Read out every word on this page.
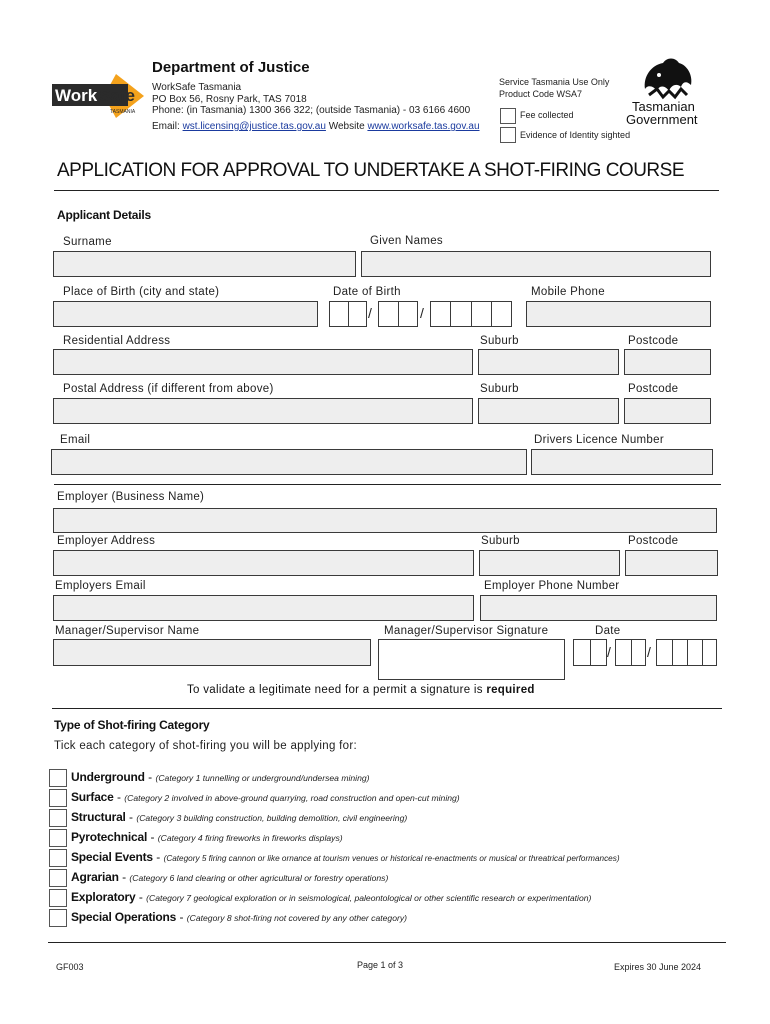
Work Safe
TASMANIA
Department of Justice
WorkSafe Tasmania
PO Box 56, Rosny Park, TAS 7018
Phone: (in Tasmania) 1300 366 322; (outside Tasmania) - 03 6166 4600
Email: wst.licensing@justice.tas.gov.au Website www.worksafe.tas.gov.au
Service Tasmania Use Only
Product Code WSA7
Fee collected
Evidence of Identity sighted
Tasmanian
Government
APPLICATION FOR APPROVAL TO UNDERTAKE A SHOT-FIRING COURSE
Applicant Details
Surname	Given Names
Place of Birth (city and state)	Date of Birth	Mobile Phone
/	/
Residential Address	Suburb	Postcode
Postal Address (if different from above)	Suburb	Postcode
Email	Drivers Licence Number
Employer (Business Name)
Employer Address	Suburb	Postcode
Employers Email	Employer Phone Number
Manager/Supervisor Name	Manager/Supervisor Signature	Date
/	/
To validate a legitimate need for a permit a signature is required
Type of Shot-firing Category
Tick each category of shot-firing you will be applying for:
Underground - (Category 1 tunnelling or underground/undersea mining)
Surface - (Category 2 involved in above-ground quarrying, road construction and open-cut mining)
Structural - (Category 3 building construction, building demolition, civil engineering)
Pyrotechnical - (Category 4 firing fireworks in fireworks displays)
Special Events - (Category 5 firing cannon or like ornance at tourism venues or historical re-enactments or musical or threatrical performances)
Agrarian - (Category 6 land clearing or other agricultural or forestry operations)
Exploratory - (Category 7 geological exploration or in seismological, paleontological or other scientific research or experimentation)
Special Operations - (Category 8 shot-firing not covered by any other category)
GF003	Page 1 of 3	Expires 30 June 2024
